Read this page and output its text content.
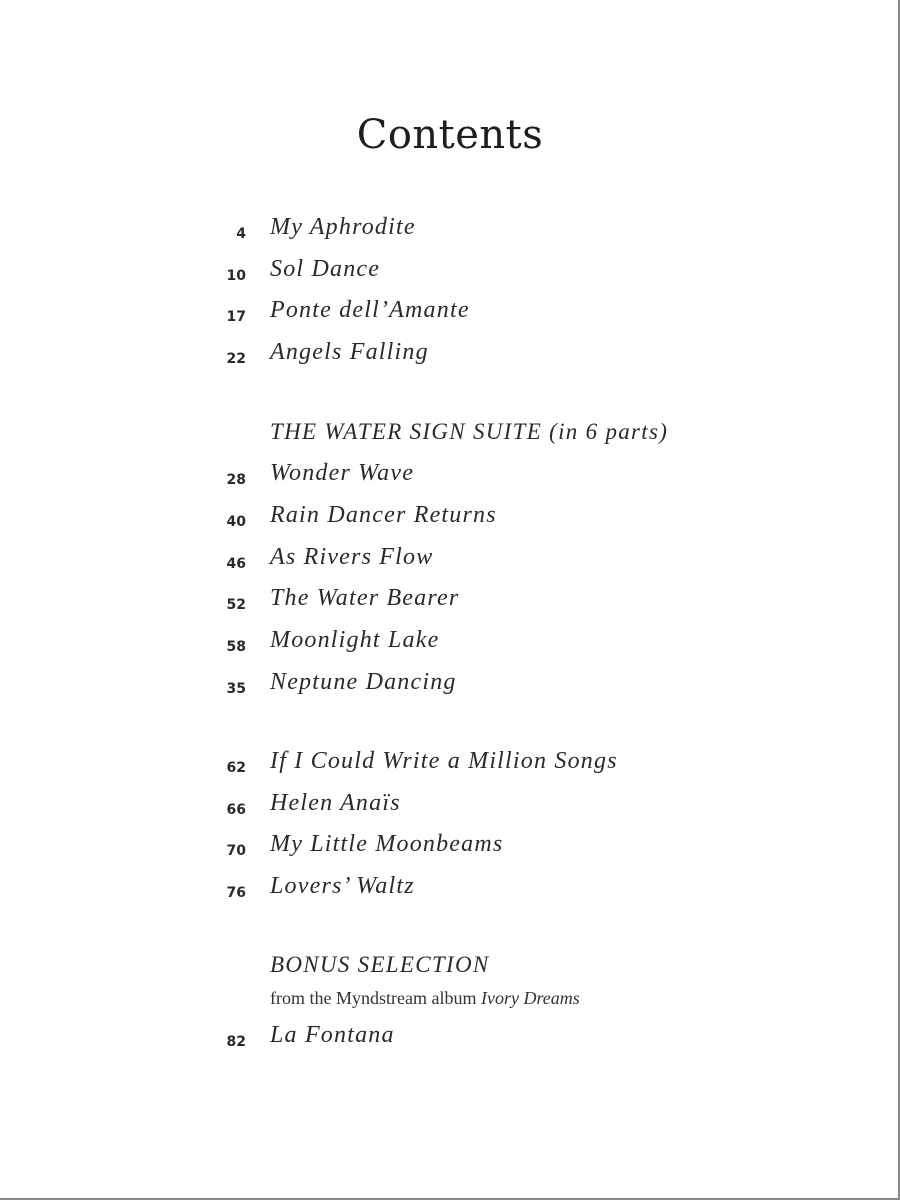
Contents
4 My Aphrodite
10 Sol Dance
17 Ponte dell’Amante
22 Angels Falling
THE WATER SIGN SUITE (in 6 parts)
28 Wonder Wave
40 Rain Dancer Returns
46 As Rivers Flow
52 The Water Bearer
58 Moonlight Lake
35 Neptune Dancing
62 If I Could Write a Million Songs
66 Helen Anaïs
70 My Little Moonbeams
76 Lovers’ Waltz
BONUS SELECTION
from the Myndstream album Ivory Dreams
82 La Fontana
